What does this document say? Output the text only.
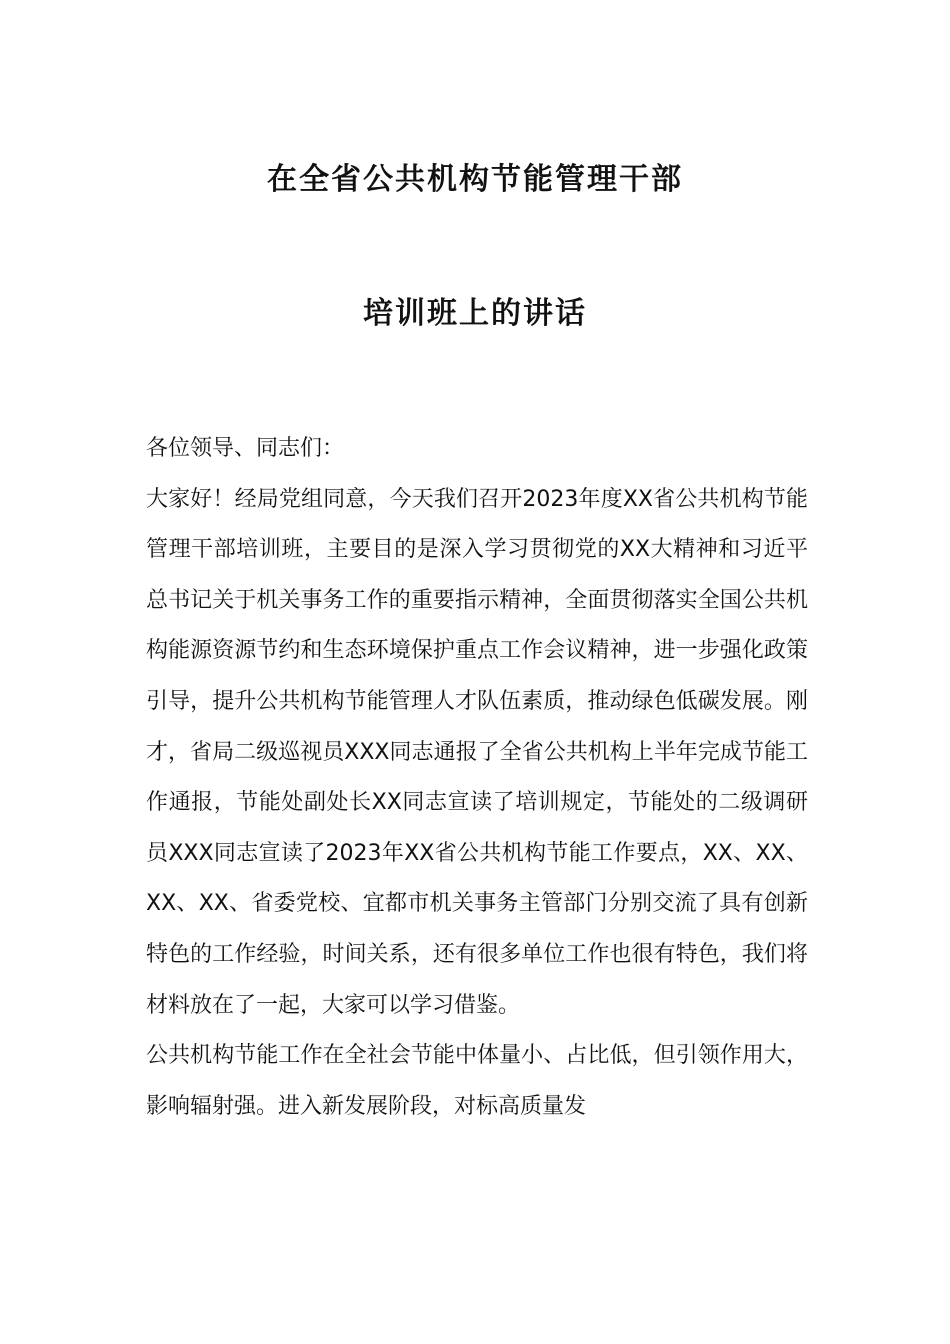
在全省公共机构节能管理干部
培训班上的讲话

各位领导、同志们：

大家好！经局党组同意，今天我们召开2023年度XX省公共机构节能管理干部培训班，主要目的是深入学习贯彻党的XX大精神和习近平总书记关于机关事务工作的重要指示精神，全面贯彻落实全国公共机构能源资源节约和生态环境保护重点工作会议精神，进一步强化政策引导，提升公共机构节能管理人才队伍素质，推动绿色低碳发展。刚才，省局二级巡视员XXX同志通报了全省公共机构上半年完成节能工作通报，节能处副处长XX同志宣读了培训规定，节能处的二级调研员XXX同志宣读了2023年XX省公共机构节能工作要点，XX、XX、XX、XX、省委党校、宜都市机关事务主管部门分别交流了具有创新特色的工作经验，时间关系，还有很多单位工作也很有特色，我们将材料放在了一起，大家可以学习借鉴。

公共机构节能工作在全社会节能中体量小、占比低，但引领作用大，影响辐射强。进入新发展阶段，对标高质量发
